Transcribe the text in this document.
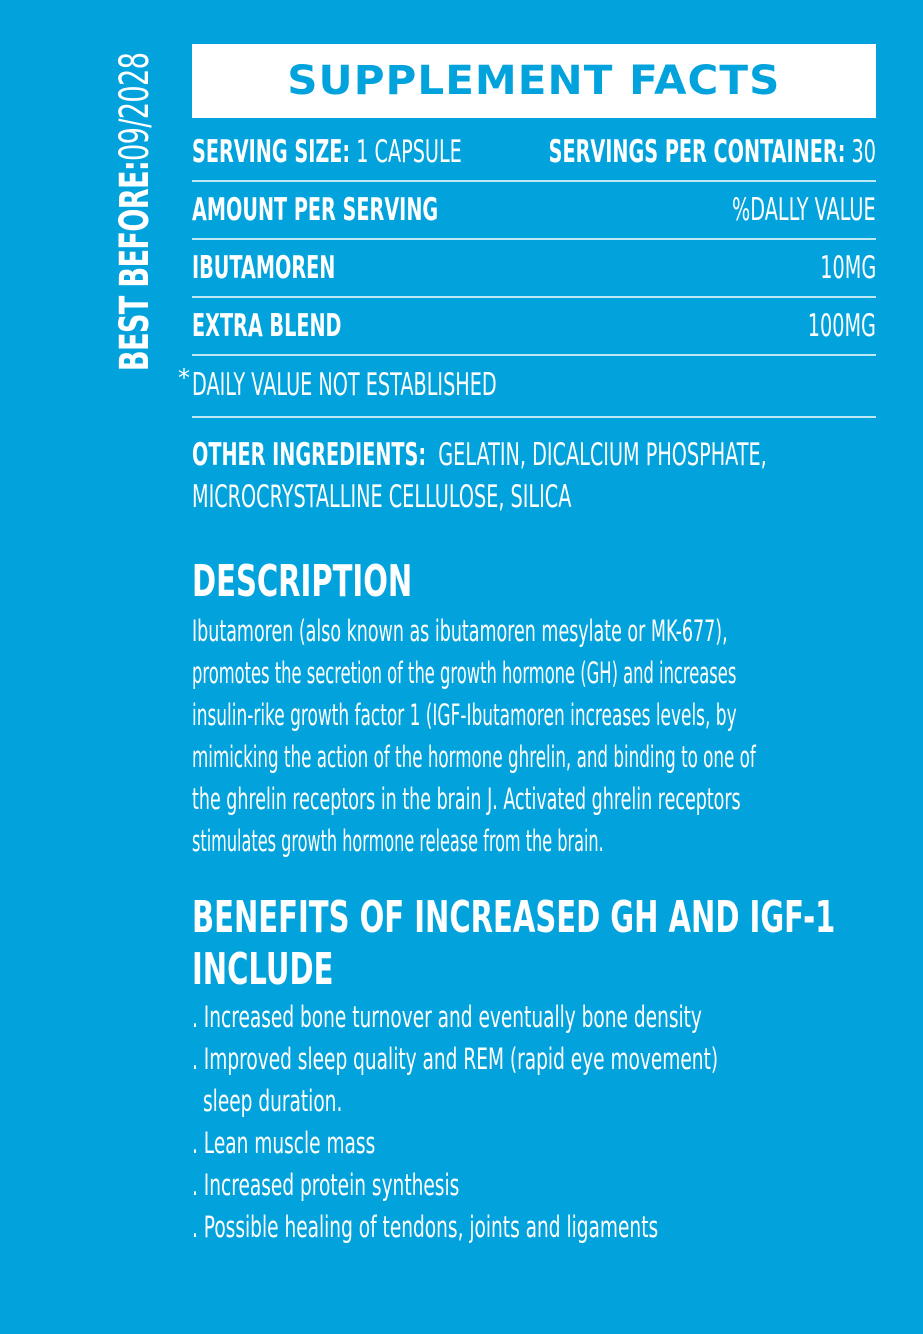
BEST BEFORE:
09/2028	SUPPLEMENT FACTS
SERVING SIZE: 1 CAPSULE	SERVINGS PER CONTAINER: 30
AMOUNT PER SERVING	%DALLY VALUE
IBUTAMOREN	10MG
EXTRA BLEND	100MG
* DAILY VALUE NOT ESTABLISHED
OTHER INGREDIENTS: GELATIN, DICALCIUM PHOSPHATE,
MICROCRYSTALLINE CELLULOSE, SILICA
DESCRIPTION
Ibutamoren (also known as ibutamoren mesylate or MK-677),
promotes the secretion of the growth hormone (GH) and increases
insulin-rike growth factor 1 (IGF-Ibutamoren increases levels, by
mimicking the action of the hormone ghrelin, and binding to one of
the ghrelin receptors in the brain J. Activated ghrelin receptors
stimulates growth hormone release from the brain.
BENEFITS OF INCREASED GH AND IGF-1
INCLUDE
. Increased bone turnover and eventually bone density
. Improved sleep quality and REM (rapid eye movement)
sleep duration.
. Lean muscle mass
. Increased protein synthesis
. Possible healing of tendons, joints and ligaments
